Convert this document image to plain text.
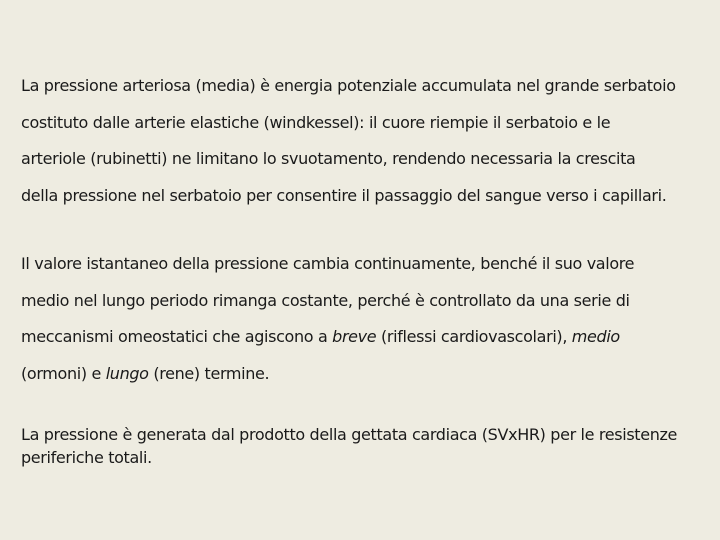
La pressione arteriosa (media) è energia potenziale accumulata nel grande serbatoio
costituto dalle arterie elastiche (windkessel): il cuore riempie il serbatoio e le
arteriole (rubinetti) ne limitano lo svuotamento, rendendo necessaria la crescita
della pressione nel serbatoio per consentire il passaggio del sangue verso i capillari.

Il valore istantaneo della pressione cambia continuamente, benché il suo valore
medio nel lungo periodo rimanga costante, perché è controllato da una serie di
meccanismi omeostatici che agiscono a breve (riflessi cardiovascolari), medio
(ormoni) e lungo (rene) termine.

La pressione è generata dal prodotto della gettata cardiaca (SVxHR) per le resistenze
periferiche totali.
